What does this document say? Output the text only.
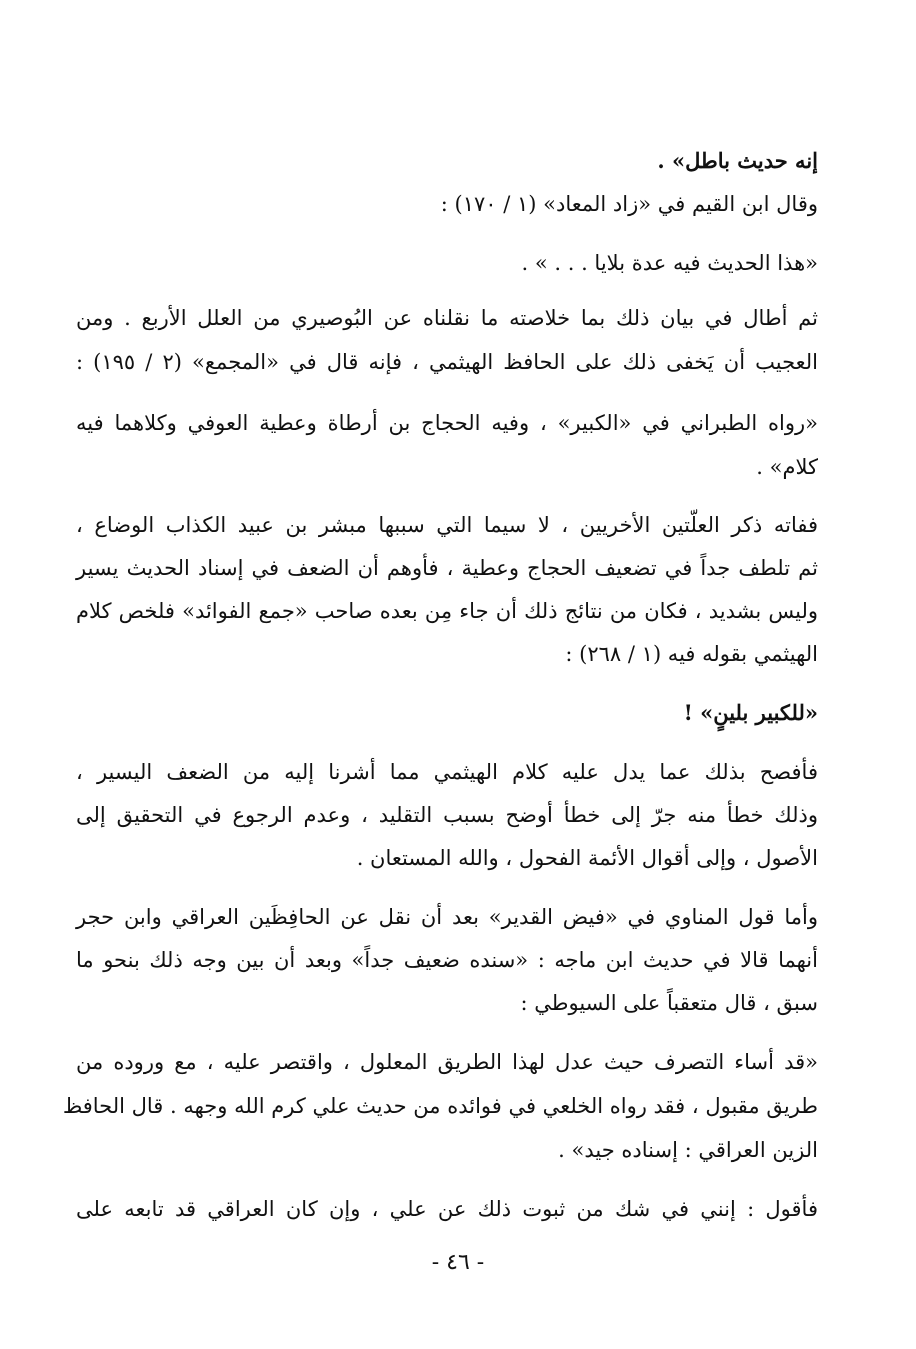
إنه حديث باطل» .
وقال ابن القيم في «زاد المعاد» (١ / ١٧٠) :
«هذا الحديث فيه عدة بلايا . . . » .
ثم أطال في بيان ذلك بما خلاصته ما نقلناه عن البُوصيري من العلل الأربع . ومن
العجيب أن يَخفى ذلك على الحافظ الهيثمي ، فإنه قال في «المجمع» (٢ / ١٩٥) :
«رواه الطبراني في «الكبير» ، وفيه الحجاج بن أرطاة وعطية العوفي وكلاهما فيه
كلام» .
ففاته ذكر العلّتين الأخريين ، لا سيما التي سببها مبشر بن عبيد الكذاب الوضاع ،
ثم تلطف جداً في تضعيف الحجاج وعطية ، فأوهم أن الضعف في إسناد الحديث يسير
وليس بشديد ، فكان من نتائج ذلك أن جاء مِن بعده صاحب «جمع الفوائد» فلخص كلام
الهيثمي بقوله فيه (١ / ٢٦٨) :
«للكبير بلينٍ» !
فأفصح بذلك عما يدل عليه كلام الهيثمي مما أشرنا إليه من الضعف اليسير ،
وذلك خطأ منه جرّ إلى خطأ أوضح بسبب التقليد ، وعدم الرجوع في التحقيق إلى
الأصول ، وإلى أقوال الأئمة الفحول ، والله المستعان .
وأما قول المناوي في «فيض القدير» بعد أن نقل عن الحافِظَين العراقي وابن حجر
أنهما قالا في حديث ابن ماجه : «سنده ضعيف جداً» وبعد أن بين وجه ذلك بنحو ما
سبق ، قال متعقباً على السيوطي :
«قد أساء التصرف حيث عدل لهذا الطريق المعلول ، واقتصر عليه ، مع وروده من
طريق مقبول ، فقد رواه الخلعي في فوائده من حديث علي كرم الله وجهه . قال الحافظ
الزين العراقي : إسناده جيد» .
فأقول : إنني في شك من ثبوت ذلك عن علي ، وإن كان العراقي قد تابعه على
- ٤٦ -
